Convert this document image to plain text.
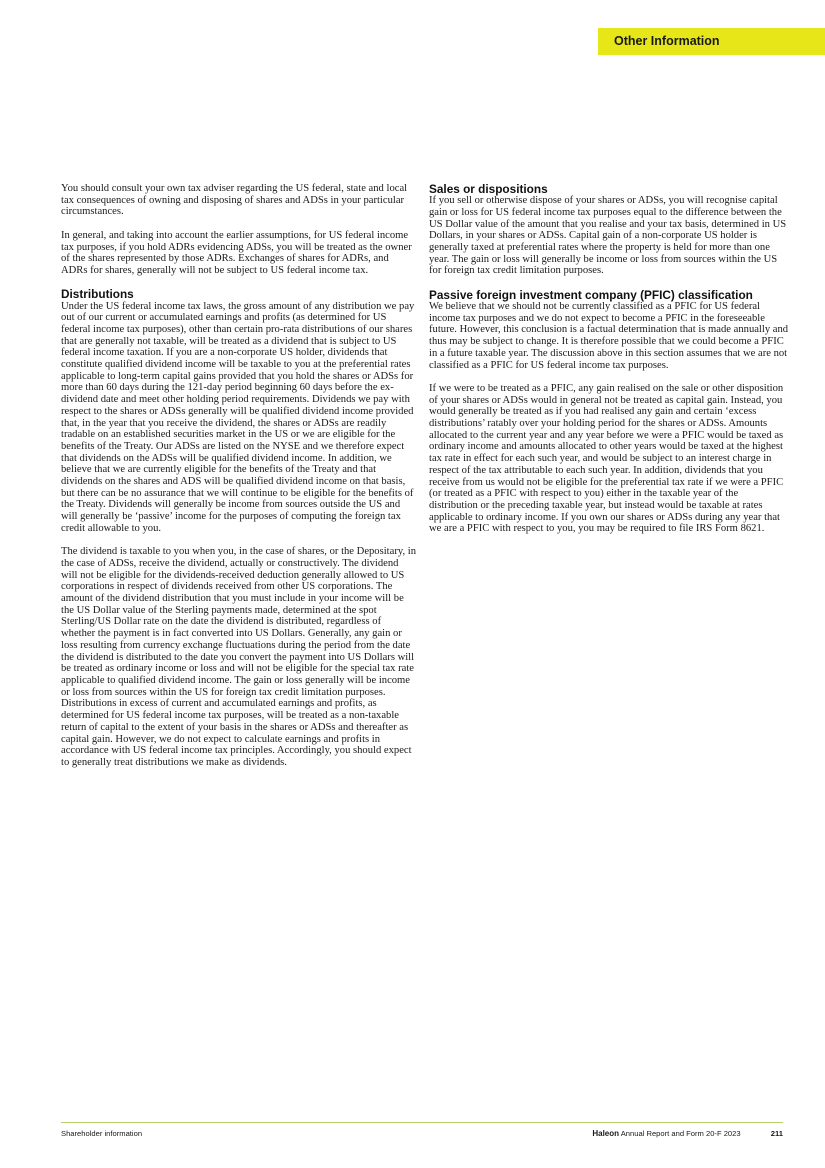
Other Information

You should consult your own tax adviser regarding the US federal, state and local tax consequences of owning and disposing of shares and ADSs in your particular circumstances.

In general, and taking into account the earlier assumptions, for US federal income tax purposes, if you hold ADRs evidencing ADSs, you will be treated as the owner of the shares represented by those ADRs. Exchanges of shares for ADRs, and ADRs for shares, generally will not be subject to US federal income tax.

Distributions

Under the US federal income tax laws, the gross amount of any distribution we pay out of our current or accumulated earnings and profits (as determined for US federal income tax purposes), other than certain pro-rata distributions of our shares that are generally not taxable, will be treated as a dividend that is subject to US federal income taxation. If you are a non-corporate US holder, dividends that constitute qualified dividend income will be taxable to you at the preferential rates applicable to long-term capital gains provided that you hold the shares or ADSs for more than 60 days during the 121-day period beginning 60 days before the ex-dividend date and meet other holding period requirements. Dividends we pay with respect to the shares or ADSs generally will be qualified dividend income provided that, in the year that you receive the dividend, the shares or ADSs are readily tradable on an established securities market in the US or we are eligible for the benefits of the Treaty. Our ADSs are listed on the NYSE and we therefore expect that dividends on the ADSs will be qualified dividend income. In addition, we believe that we are currently eligible for the benefits of the Treaty and that dividends on the shares and ADS will be qualified dividend income on that basis, but there can be no assurance that we will continue to be eligible for the benefits of the Treaty. Dividends will generally be income from sources outside the US and will generally be ‘passive’ income for the purposes of computing the foreign tax credit allowable to you.

The dividend is taxable to you when you, in the case of shares, or the Depositary, in the case of ADSs, receive the dividend, actually or constructively. The dividend will not be eligible for the dividends-received deduction generally allowed to US corporations in respect of dividends received from other US corporations. The amount of the dividend distribution that you must include in your income will be the US Dollar value of the Sterling payments made, determined at the spot Sterling/US Dollar rate on the date the dividend is distributed, regardless of whether the payment is in fact converted into US Dollars. Generally, any gain or loss resulting from currency exchange fluctuations during the period from the date the dividend is distributed to the date you convert the payment into US Dollars will be treated as ordinary income or loss and will not be eligible for the special tax rate applicable to qualified dividend income. The gain or loss generally will be income or loss from sources within the US for foreign tax credit limitation purposes. Distributions in excess of current and accumulated earnings and profits, as determined for US federal income tax purposes, will be treated as a non-taxable return of capital to the extent of your basis in the shares or ADSs and thereafter as capital gain. However, we do not expect to calculate earnings and profits in accordance with US federal income tax principles. Accordingly, you should expect to generally treat distributions we make as dividends.

Sales or dispositions

If you sell or otherwise dispose of your shares or ADSs, you will recognise capital gain or loss for US federal income tax purposes equal to the difference between the US Dollar value of the amount that you realise and your tax basis, determined in US Dollars, in your shares or ADSs. Capital gain of a non-corporate US holder is generally taxed at preferential rates where the property is held for more than one year. The gain or loss will generally be income or loss from sources within the US for foreign tax credit limitation purposes.

Passive foreign investment company (PFIC) classification

We believe that we should not be currently classified as a PFIC for US federal income tax purposes and we do not expect to become a PFIC in the foreseeable future. However, this conclusion is a factual determination that is made annually and thus may be subject to change. It is therefore possible that we could become a PFIC in a future taxable year. The discussion above in this section assumes that we are not classified as a PFIC for US federal income tax purposes.

If we were to be treated as a PFIC, any gain realised on the sale or other disposition of your shares or ADSs would in general not be treated as capital gain. Instead, you would generally be treated as if you had realised any gain and certain ‘excess distributions’ ratably over your holding period for the shares or ADSs. Amounts allocated to the current year and any year before we were a PFIC would be taxed as ordinary income and amounts allocated to other years would be taxed at the highest tax rate in effect for each such year, and would be subject to an interest charge in respect of the tax attributable to each such year. In addition, dividends that you receive from us would not be eligible for the preferential tax rate if we were a PFIC (or treated as a PFIC with respect to you) either in the taxable year of the distribution or the preceding taxable year, but instead would be taxable at rates applicable to ordinary income. If you own our shares or ADSs during any year that we are a PFIC with respect to you, you may be required to file IRS Form 8621.

Shareholder information	Haleon Annual Report and Form 20-F 2023	211
